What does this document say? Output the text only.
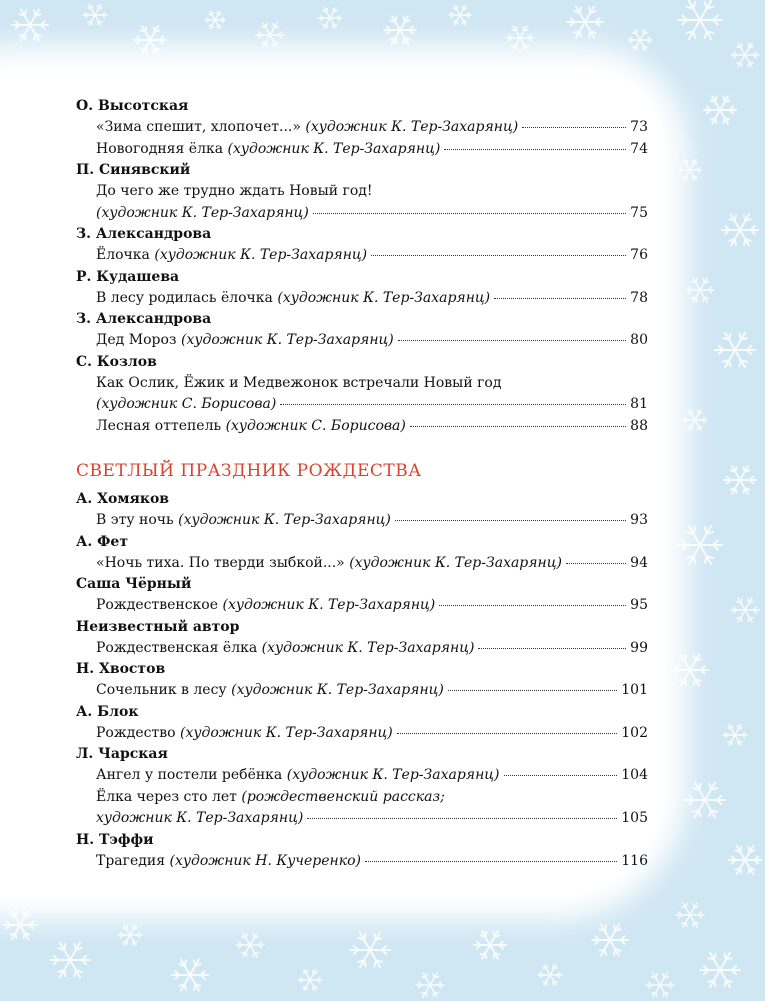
О. Высотская
«Зима спешит, хлопочет...» (художник К. Тер-Захарянц)	73
Новогодняя ёлка (художник К. Тер-Захарянц)	74
П. Синявский
До чего же трудно ждать Новый год!
(художник К. Тер-Захарянц)	75
З. Александрова
Ёлочка (художник К. Тер-Захарянц)	76
Р. Кудашева
В лесу родилась ёлочка (художник К. Тер-Захарянц)	78
З. Александрова
Дед Мороз (художник К. Тер-Захарянц)	80
С. Козлов
Как Ослик, Ёжик и Медвежонок встречали Новый год
(художник С. Борисова)	81
Лесная оттепель (художник С. Борисова)	88
СВЕТЛЫЙ ПРАЗДНИК РОЖДЕСТВА
А. Хомяков
В эту ночь (художник К. Тер-Захарянц)	93
А. Фет
«Ночь тиха. По тверди зыбкой...» (художник К. Тер-Захарянц)	94
Саша Чёрный
Рождественское (художник К. Тер-Захарянц)	95
Неизвестный автор
Рождественская ёлка (художник К. Тер-Захарянц)	99
Н. Хвостов
Сочельник в лесу (художник К. Тер-Захарянц)	101
А. Блок
Рождество (художник К. Тер-Захарянц)	102
Л. Чарская
Ангел у постели ребёнка (художник К. Тер-Захарянц)	104
Ёлка через сто лет (рождественский рассказ;
художник К. Тер-Захарянц)	105
Н. Тэффи
Трагедия (художник Н. Кучеренко)	116
